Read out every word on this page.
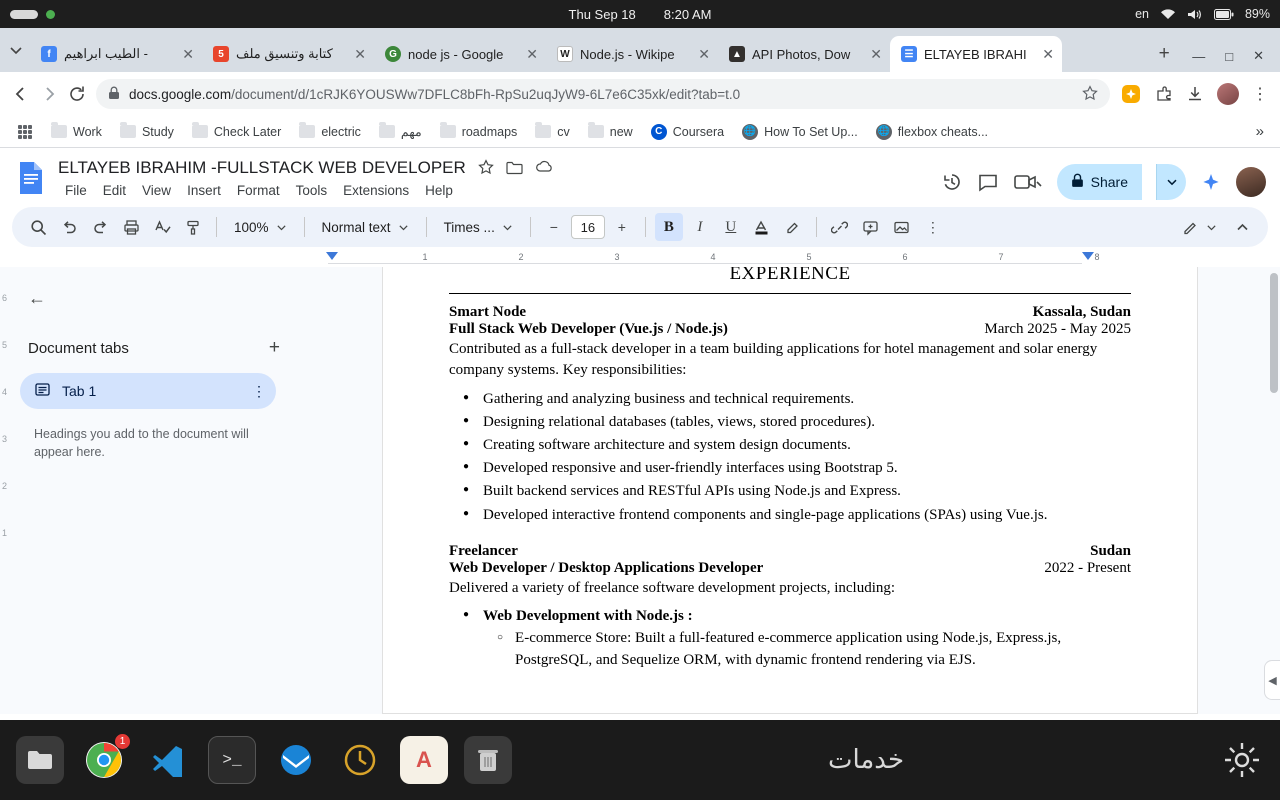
Thu Sep 18 8:20 AM	en	89%
f	الطيب ابراهيم -	✕	5 كتابة وتنسيق ملف	✕	G node js - Google	✕	W Node.js - Wikipe	✕	▲ API Photos, Dow	✕	☰ ELTAYEB IBRAHI	✕	+	— □ ✕
docs.google.com/document/d/1cRJK6YOUSWw7DFLC8bFh-RpSu2uqJyW9-6L7e6C35xk/edit?tab=t.0	⋮
Work	Study	Check Later	electric	مهم	roadmaps	cv	new	C Coursera 🌐 How To Set Up... 🌐 flexbox cheats...	»
ELTAYEB IBRAHIM -FULLSTACK WEB DEVELOPER
File	Edit	View	Insert	Format	Tools	Extensions	Help
Share
100%	Normal text	Times ...	−	16	+	B I U	⋮
1	2	3	4	5	6	7	8
←
Document tabs	+
Tab 1	⋮
Headings you add to the document will appear here.
6
5
4
3
2
1
EXPERIENCE
Smart Node	Kassala, Sudan
Full Stack Web Developer (Vue.js / Node.js)	March 2025 - May 2025
Contributed as a full-stack developer in a team building applications for hotel management and solar energy company systems. Key responsibilities:
● Gathering and analyzing business and technical requirements.
● Designing relational databases (tables, views, stored procedures).
● Creating software architecture and system design documents.
● Developed responsive and user-friendly interfaces using Bootstrap 5.
● Built backend services and RESTful APIs using Node.js and Express.
● Developed interactive frontend components and single-page applications (SPAs) using Vue.js.
Freelancer	Sudan
Web Developer / Desktop Applications Developer	2022 - Present
Delivered a variety of freelance software development projects, including:
● Web Development with Node.js :
○ E-commerce Store: Built a full-featured e-commerce application using Node.js, Express.js, PostgreSQL, and Sequelize ORM, with dynamic frontend rendering via EJS.
◀
1
>_	A	خدمات
